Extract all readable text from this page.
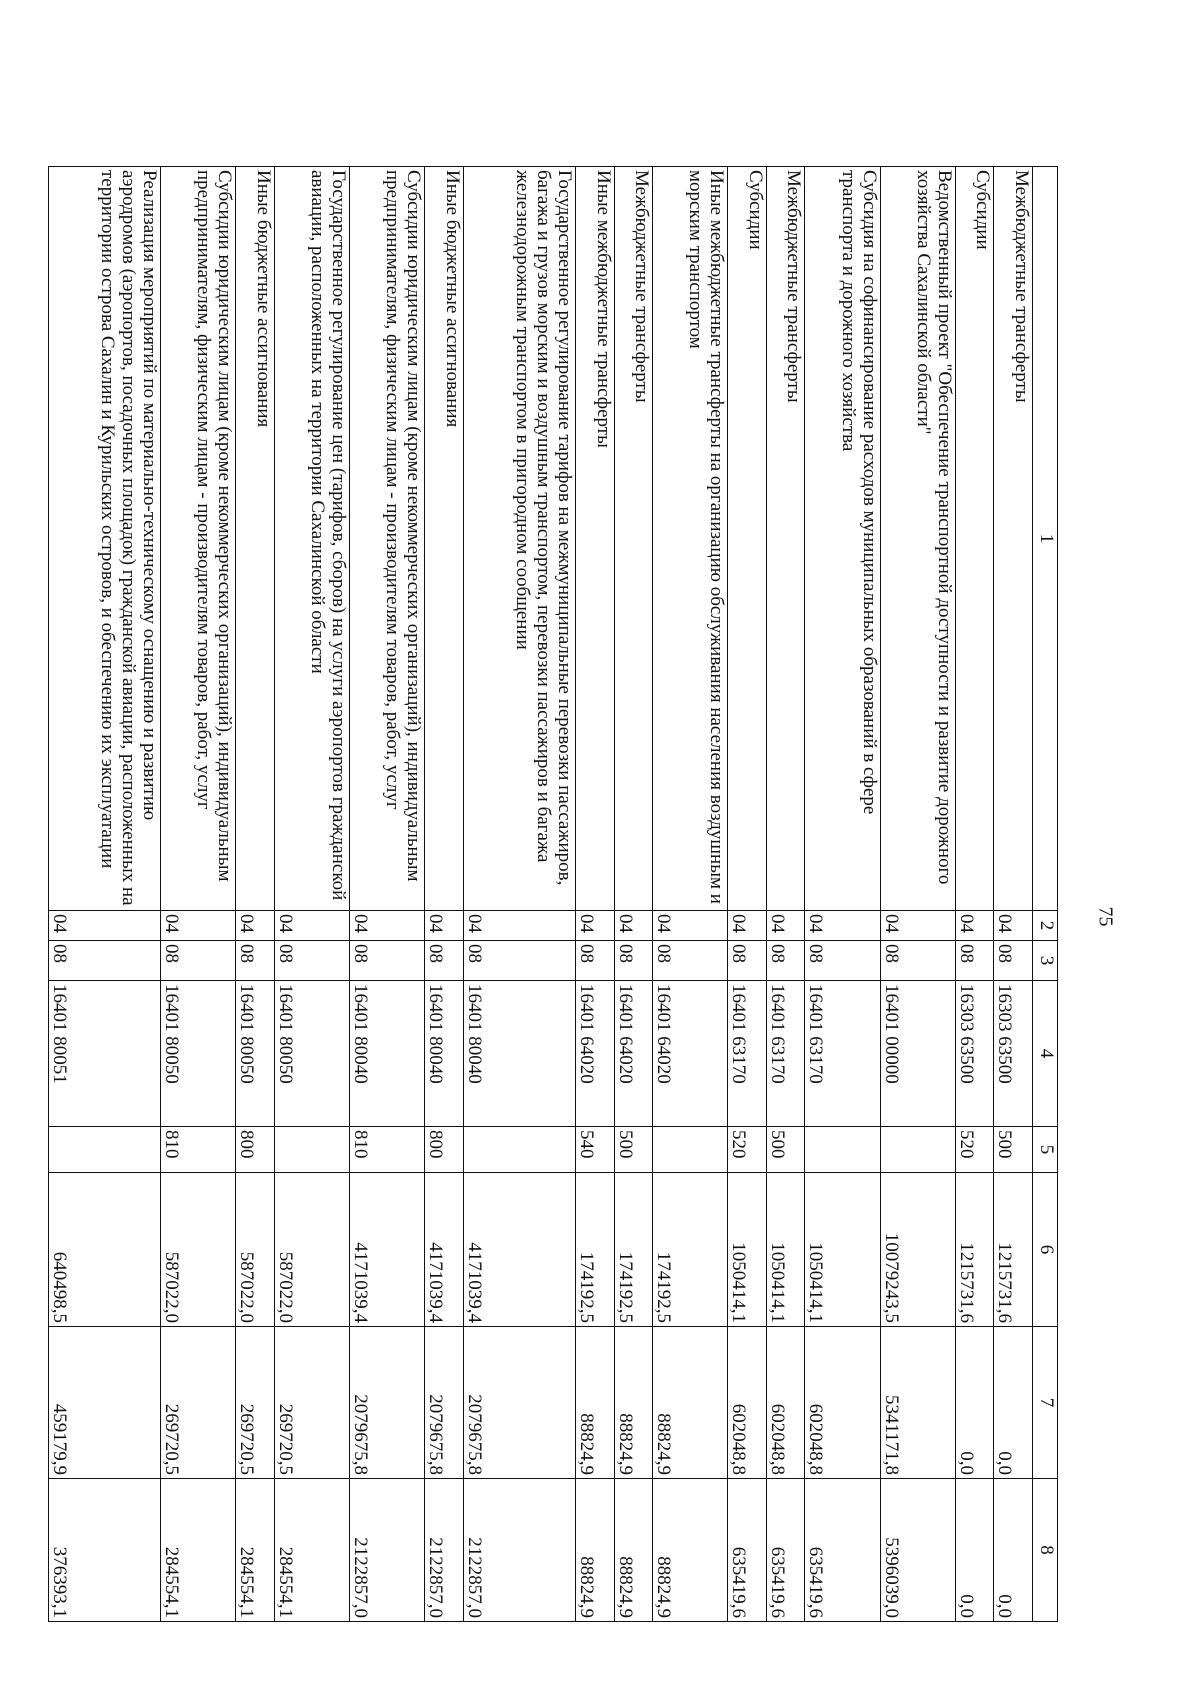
75
1	2	3	4	5	6	7	8
Межбюджетные трансферты	04	08	16303 63500	500	1215731,6	0,0	0,0
Субсидии	04	08	16303 63500	520	1215731,6	0,0	0,0
Ведомственный проект "Обеспечение транспортной доступности и развитие дорожного хозяйства Сахалинской области"	04	08	16401 00000		10079243,5	5341171,8	5396039,0
Субсидия на софинансирование расходов муниципальных образований в сфере транспорта и дорожного хозяйства	04	08	16401 63170		1050414,1	602048,8	635419,6
Межбюджетные трансферты	04	08	16401 63170	500	1050414,1	602048,8	635419,6
Субсидии	04	08	16401 63170	520	1050414,1	602048,8	635419,6
Иные межбюджетные трансферты на организацию обслуживания населения воздушным и морским транспортом	04	08	16401 64020		174192,5	88824,9	88824,9
Межбюджетные трансферты	04	08	16401 64020	500	174192,5	88824,9	88824,9
Иные межбюджетные трансферты	04	08	16401 64020	540	174192,5	88824,9	88824,9
Государственное регулирование тарифов на межмуниципальные перевозки пассажиров, багажа и грузов морским и воздушным транспортом, перевозки пассажиров и багажа железнодорожным транспортом в пригородном сообщении	04	08	16401 80040		4171039,4	2079675,8	2122857,0
Иные бюджетные ассигнования	04	08	16401 80040	800	4171039,4	2079675,8	2122857,0
Субсидии юридическим лицам (кроме некоммерческих организаций), индивидуальным предпринимателям, физическим лицам - производителям товаров, работ, услуг	04	08	16401 80040	810	4171039,4	2079675,8	2122857,0
Государственное регулирование цен (тарифов, сборов) на услуги аэропортов гражданской авиации, расположенных на территории Сахалинской области	04	08	16401 80050		587022,0	269720,5	284554,1
Иные бюджетные ассигнования	04	08	16401 80050	800	587022,0	269720,5	284554,1
Субсидии юридическим лицам (кроме некоммерческих организаций), индивидуальным предпринимателям, физическим лицам - производителям товаров, работ, услуг	04	08	16401 80050	810	587022,0	269720,5	284554,1
Реализация мероприятий по материально-техническому оснащению и развитию аэродромов (аэропортов, посадочных площадок) гражданской авиации, расположенных на территории острова Сахалин и Курильских островов, и обеспечению их эксплуатации	04	08	16401 80051		640498,5	459179,9	376393,1
